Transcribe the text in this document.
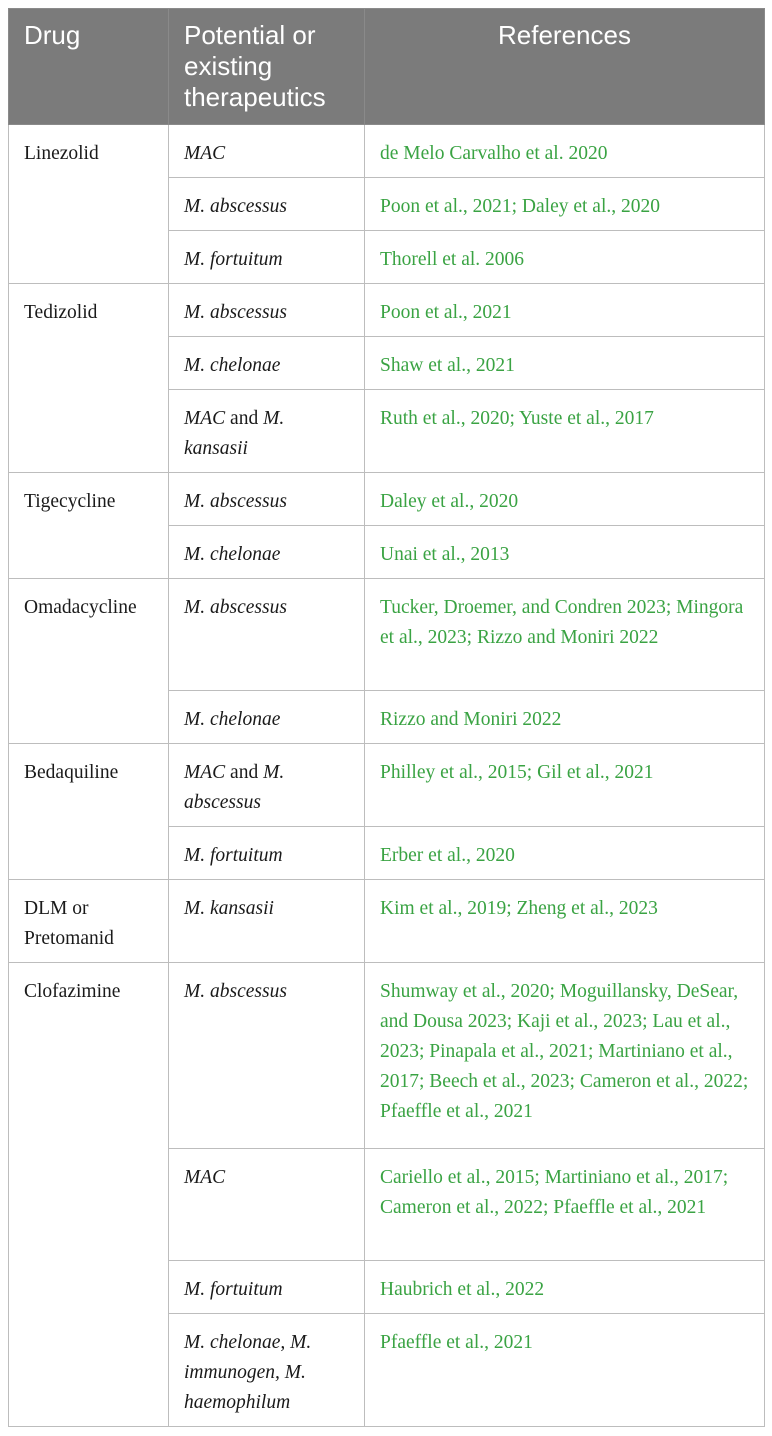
Drug	Potential or existing therapeutics	References
Linezolid	MAC	de Melo Carvalho et al. 2020
	M. abscessus	Poon et al., 2021; Daley et al., 2020
	M. fortuitum	Thorell et al. 2006
Tedizolid	M. abscessus	Poon et al., 2021
	M. chelonae	Shaw et al., 2021
	MAC and M. kansasii	Ruth et al., 2020; Yuste et al., 2017
Tigecycline	M. abscessus	Daley et al., 2020
	M. chelonae	Unai et al., 2013
Omadacycline	M. abscessus	Tucker, Droemer, and Condren 2023; Mingora et al., 2023; Rizzo and Moniri 2022
	M. chelonae	Rizzo and Moniri 2022
Bedaquiline	MAC and M. abscessus	Philley et al., 2015; Gil et al., 2021
	M. fortuitum	Erber et al., 2020
DLM or Pretomanid	M. kansasii	Kim et al., 2019; Zheng et al., 2023
Clofazimine	M. abscessus	Shumway et al., 2020; Moguillansky, DeSear, and Dousa 2023; Kaji et al., 2023; Lau et al., 2023; Pinapala et al., 2021; Martiniano et al., 2017; Beech et al., 2023; Cameron et al., 2022; Pfaeffle et al., 2021
	MAC	Cariello et al., 2015; Martiniano et al., 2017; Cameron et al., 2022; Pfaeffle et al., 2021
	M. fortuitum	Haubrich et al., 2022
	M. chelonae, M. immunogen, M. haemophilum	Pfaeffle et al., 2021
